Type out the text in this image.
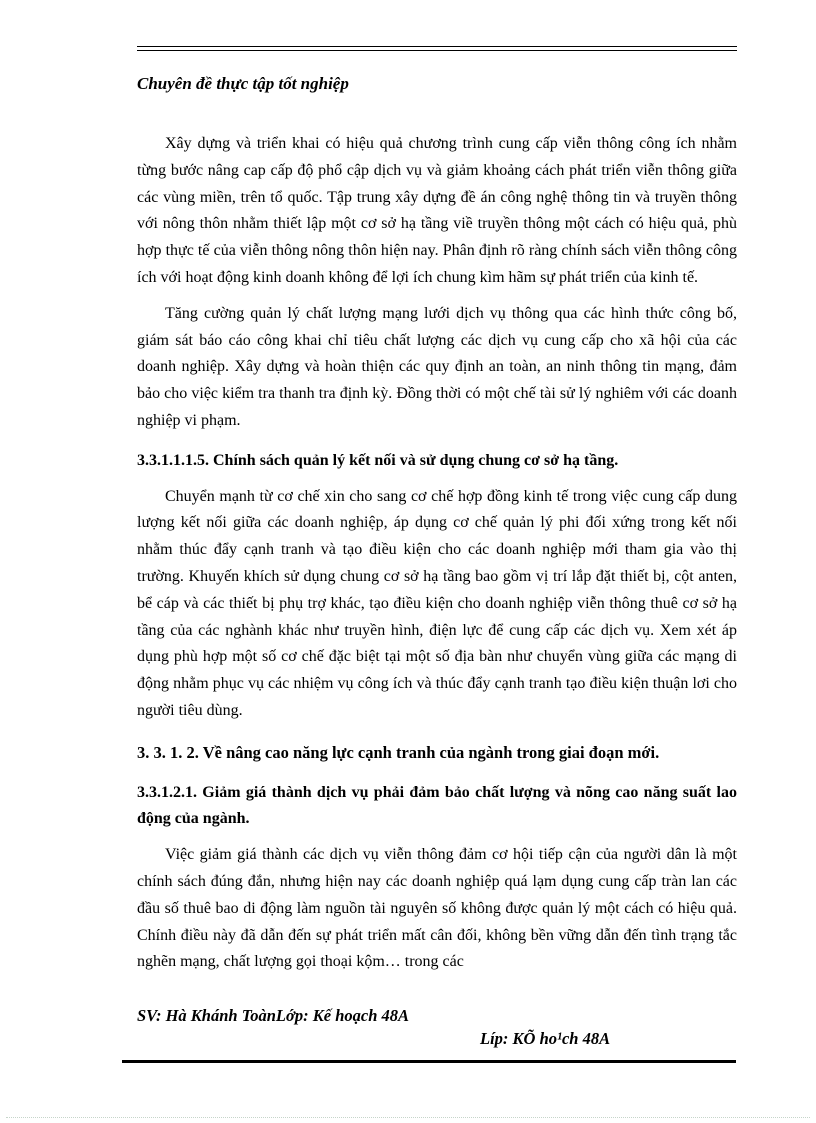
Chuyên đề thực tập tốt nghiệp

Xây dựng và triển khai có hiệu quả chương trình cung cấp viễn thông công ích nhằm từng bước nâng cap cấp độ phổ cập dịch vụ và giảm khoảng cách phát triển viễn thông giữa các vùng miền, trên tổ quốc. Tập trung xây dựng đề án công nghệ thông tin và truyền thông với nông thôn nhằm thiết lập một cơ sở hạ tầng viề truyền thông một cách có hiệu quả, phù hợp thực tế của viễn thông nông thôn hiện nay. Phân định rõ ràng chính sách viễn thông công ích với hoạt động kinh doanh không để lợi ích chung kìm hãm sự phát triển của kinh tế.

Tăng cường quản lý chất lượng mạng lưới dịch vụ thông qua các hình thức công bố, giám sát báo cáo công khai chỉ tiêu chất lượng các dịch vụ cung cấp cho xã hội của các doanh nghiệp. Xây dựng và hoàn thiện các quy định an toàn, an ninh thông tin mạng, đảm bảo cho việc kiểm tra thanh tra định kỳ. Đồng thời có một chế tài sử lý nghiêm với các doanh nghiệp vi phạm.

3.3.1.1.1.5. Chính sách quản lý kết nối và sử dụng chung cơ sở hạ tầng.

Chuyển mạnh từ cơ chế xin cho sang cơ chế hợp đồng kinh tế trong việc cung cấp dung lượng kết nối giữa các doanh nghiệp, áp dụng cơ chế quản lý phi đối xứng trong kết nối nhằm thúc đẩy cạnh tranh và tạo điều kiện cho các doanh nghiệp mới tham gia vào thị trường. Khuyến khích sử dụng chung cơ sở hạ tầng bao gồm vị trí lắp đặt thiết bị, cột anten, bể cáp và các thiết bị phụ trợ khác, tạo điều kiện cho doanh nghiệp viễn thông thuê cơ sở hạ tầng của các nghành khác như truyền hình, điện lực để cung cấp các dịch vụ. Xem xét áp dụng phù hợp một số cơ chế đặc biệt tại một số địa bàn như chuyển vùng giữa các mạng di động nhằm phục vụ các nhiệm vụ công ích và thúc đẩy cạnh tranh tạo điều kiện thuận lơi cho người tiêu dùng.

3. 3. 1. 2. Về nâng cao năng lực cạnh tranh của ngành trong giai đoạn mới.

3.3.1.2.1. Giảm giá thành dịch vụ phải đảm bảo chất lượng và nõng cao năng suất lao động của ngành.

Việc giảm giá thành các dịch vụ viễn thông đảm cơ hội tiếp cận của người dân là một chính sách đúng đắn, nhưng hiện nay các doanh nghiệp quá lạm dụng cung cấp tràn lan các đầu số thuê bao di động làm nguồn tài nguyên số không được quản lý một cách có hiệu quả. Chính điều này đã dẫn đến sự phát triển mất cân đối, không bền vững dẫn đến tình trạng tắc nghẽn mạng, chất lượng gọi thoại kộm… trong các

SV: Hà Khánh ToànLớp: Kế hoạch 48A
Líp: KÕ ho¹ch 48A
